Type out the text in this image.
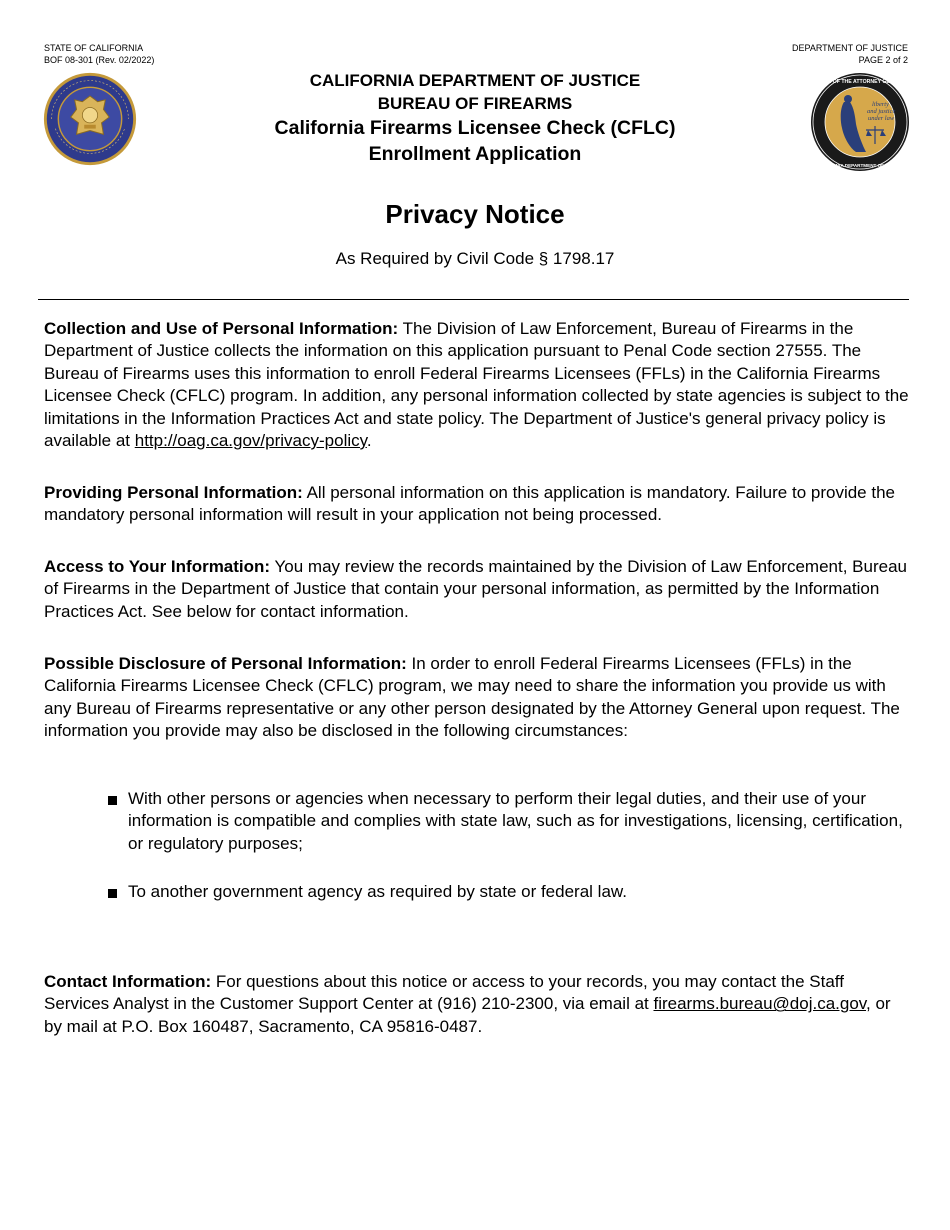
STATE OF CALIFORNIA
BOF 08-301 (Rev. 02/2022)
DEPARTMENT OF JUSTICE
PAGE 2 of 2
liberty
and justice
under law
OFFICE OF THE ATTORNEY GENERAL
CALIFORNIA DEPARTMENT OF JUSTICE
CALIFORNIA DEPARTMENT OF JUSTICE
BUREAU OF FIREARMS
California Firearms Licensee Check (CFLC)
Enrollment Application
Privacy Notice
As Required by Civil Code § 1798.17
Collection and Use of Personal Information: The Division of Law Enforcement, Bureau of Firearms in the Department of Justice collects the information on this application pursuant to Penal Code section 27555. The Bureau of Firearms uses this information to enroll Federal Firearms Licensees (FFLs) in the California Firearms Licensee Check (CFLC) program. In addition, any personal information collected by state agencies is subject to the limitations in the Information Practices Act and state policy. The Department of Justice's general privacy policy is available at http://oag.ca.gov/privacy-policy.
Providing Personal Information: All personal information on this application is mandatory. Failure to provide the mandatory personal information will result in your application not being processed.
Access to Your Information: You may review the records maintained by the Division of Law Enforcement, Bureau of Firearms in the Department of Justice that contain your personal information, as permitted by the Information Practices Act. See below for contact information.
Possible Disclosure of Personal Information: In order to enroll Federal Firearms Licensees (FFLs) in the California Firearms Licensee Check (CFLC) program, we may need to share the information you provide us with any Bureau of Firearms representative or any other person designated by the Attorney General upon request. The information you provide may also be disclosed in the following circumstances:
With other persons or agencies when necessary to perform their legal duties, and their use of your information is compatible and complies with state law, such as for investigations, licensing, certification, or regulatory purposes;
To another government agency as required by state or federal law.
Contact Information: For questions about this notice or access to your records, you may contact the Staff Services Analyst in the Customer Support Center at (916) 210-2300, via email at firearms.bureau@doj.ca.gov, or by mail at P.O. Box 160487, Sacramento, CA 95816-0487.
